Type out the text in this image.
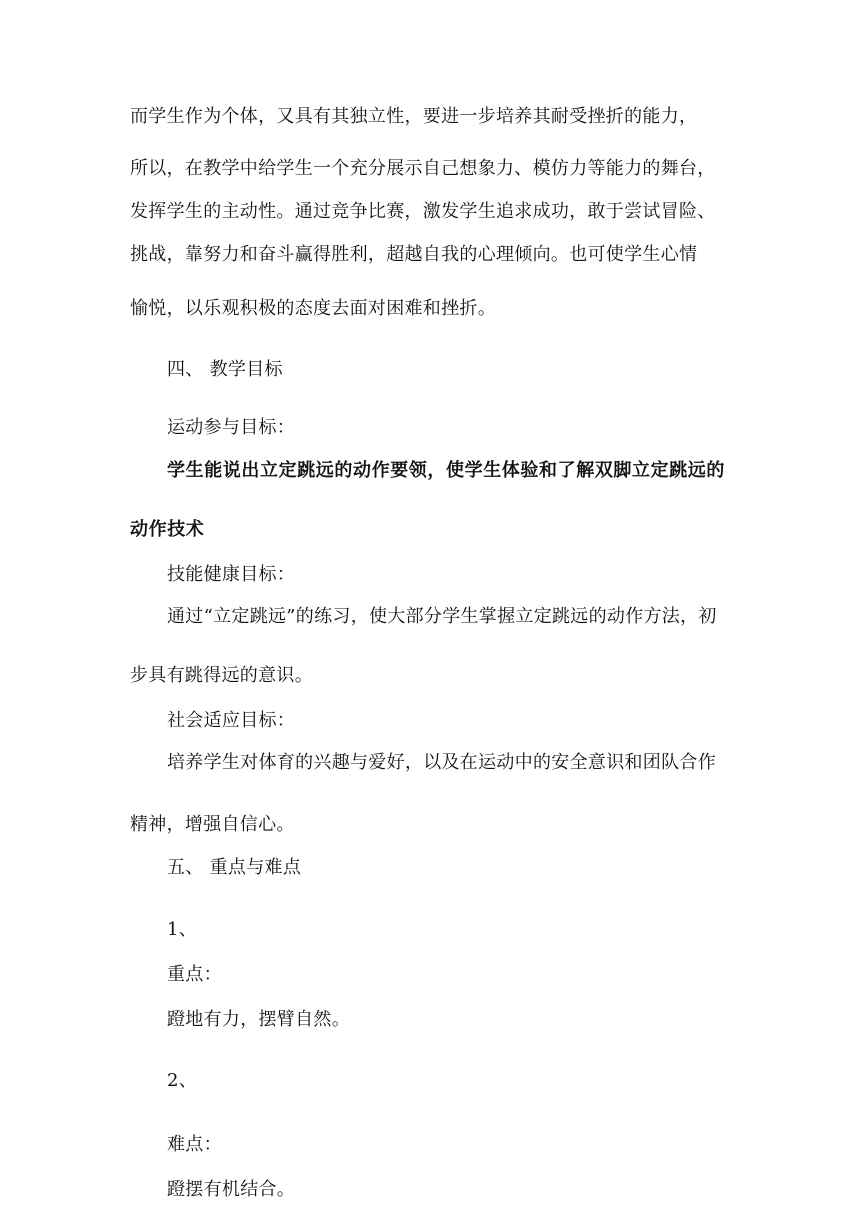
而学生作为个体，又具有其独立性，要进一步培养其耐受挫折的能力，
所以，在教学中给学生一个充分展示自己想象力、模仿力等能力的舞台，
发挥学生的主动性。通过竞争比赛，激发学生追求成功，敢于尝试冒险、
挑战，靠努力和奋斗赢得胜利，超越自我的心理倾向。也可使学生心情
愉悦，以乐观积极的态度去面对困难和挫折。
四、 教学目标
运动参与目标：
学生能说出立定跳远的动作要领，使学生体验和了解双脚立定跳远的
动作技术
技能健康目标：
通过“立定跳远”的练习，使大部分学生掌握立定跳远的动作方法，初
步具有跳得远的意识。
社会适应目标：
培养学生对体育的兴趣与爱好，以及在运动中的安全意识和团队合作
精神，增强自信心。
五、 重点与难点
1、
重点：
蹬地有力，摆臂自然。
2、
难点：
蹬摆有机结合。
